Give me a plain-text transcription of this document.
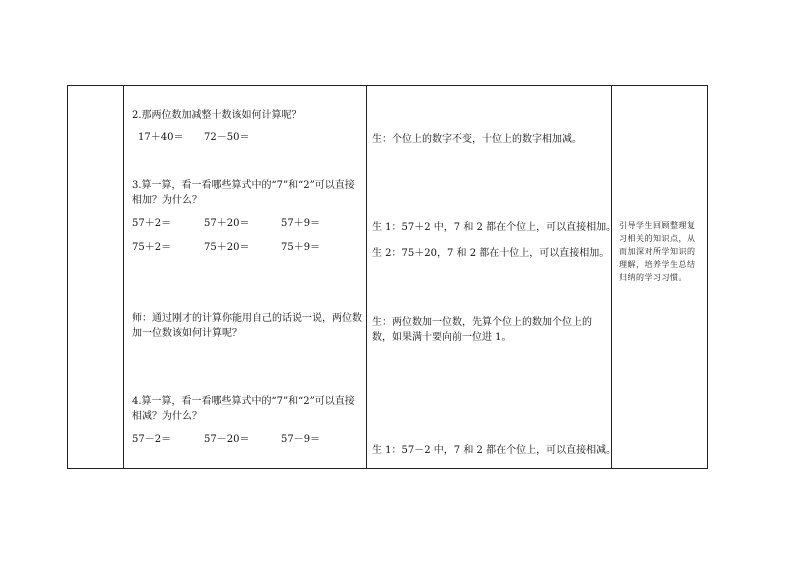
2.那两位数加减整十数该如何计算呢？
17＋40＝ 72－50＝
3.算一算，看一看哪些算式中的“7”和“2”可以直接相加？为什么？
57＋2＝	57＋20＝	57＋9＝
75＋2＝	75＋20＝	75＋9＝
师：通过刚才的计算你能用自己的话说一说，两位数加一位数该如何计算呢？
4.算一算，看一看哪些算式中的“7”和“2”可以直接相减？为什么？
57－2＝	57－20＝	57－9＝

生：个位上的数字不变，十位上的数字相加减。
生 1：57＋2 中，7 和 2 都在个位上，可以直接相加。
生 2：75＋20，7 和 2 都在十位上，可以直接相加。
生：两位数加一位数，先算个位上的数加个位上的数，如果满十要向前一位进 1。
生 1：57－2 中，7 和 2 都在个位上，可以直接相减。

引导学生回顾整理复习相关的知识点，从而加深对所学知识的理解，培养学生总结归纳的学习习惯。
